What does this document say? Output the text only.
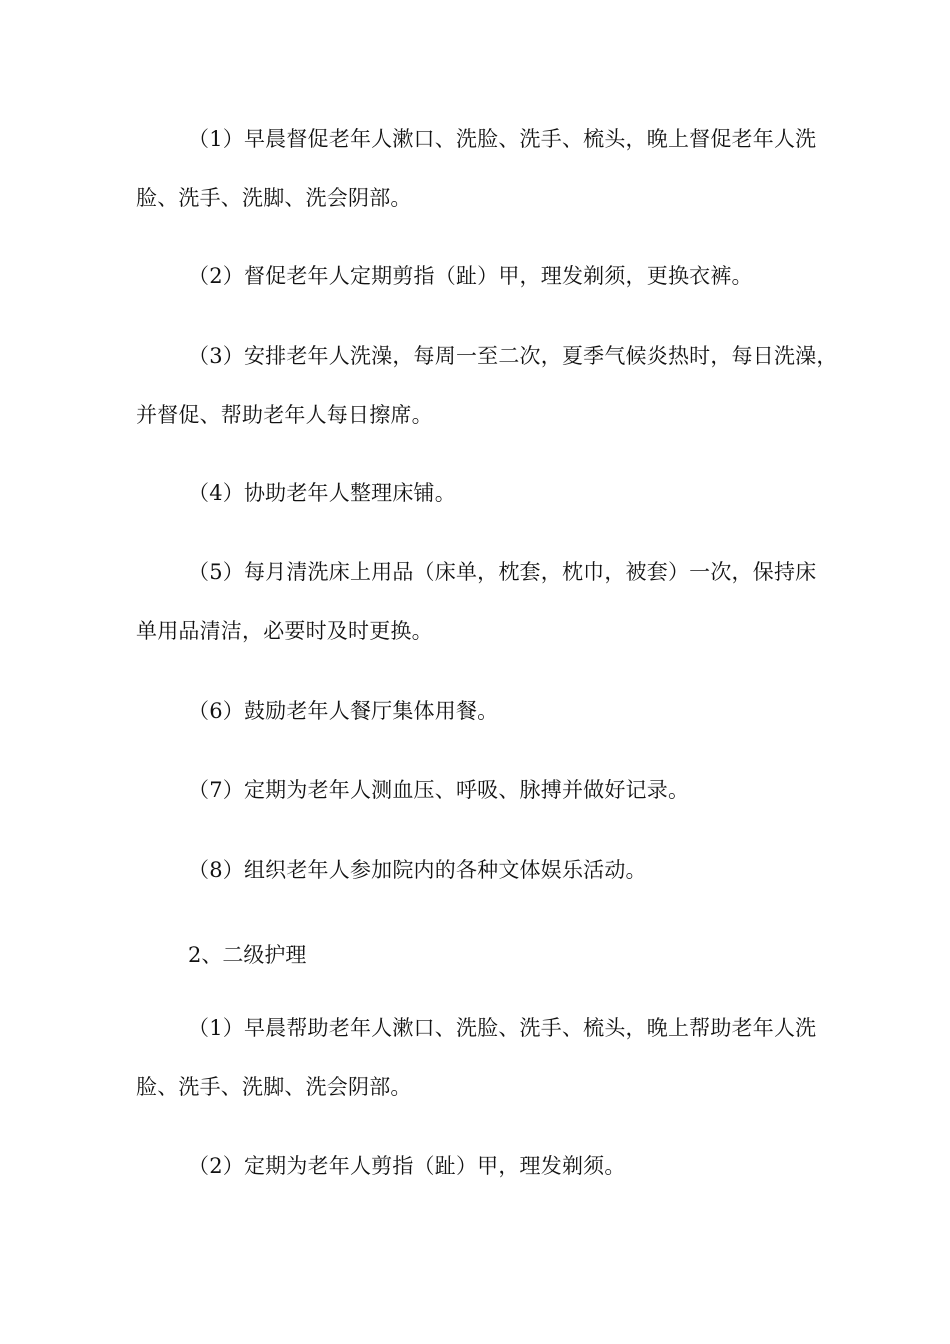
（1）早晨督促老年人漱口、洗脸、洗手、梳头，晚上督促老年人洗
脸、洗手、洗脚、洗会阴部。
（2）督促老年人定期剪指（趾）甲，理发剃须，更换衣裤。
（3）安排老年人洗澡，每周一至二次，夏季气候炎热时，每日洗澡，
并督促、帮助老年人每日擦席。
（4）协助老年人整理床铺。
（5）每月清洗床上用品（床单，枕套，枕巾，被套）一次，保持床
单用品清洁，必要时及时更换。
（6）鼓励老年人餐厅集体用餐。
（7）定期为老年人测血压、呼吸、脉搏并做好记录。
（8）组织老年人参加院内的各种文体娱乐活动。
2、二级护理
（1）早晨帮助老年人漱口、洗脸、洗手、梳头，晚上帮助老年人洗
脸、洗手、洗脚、洗会阴部。
（2）定期为老年人剪指（趾）甲，理发剃须。
